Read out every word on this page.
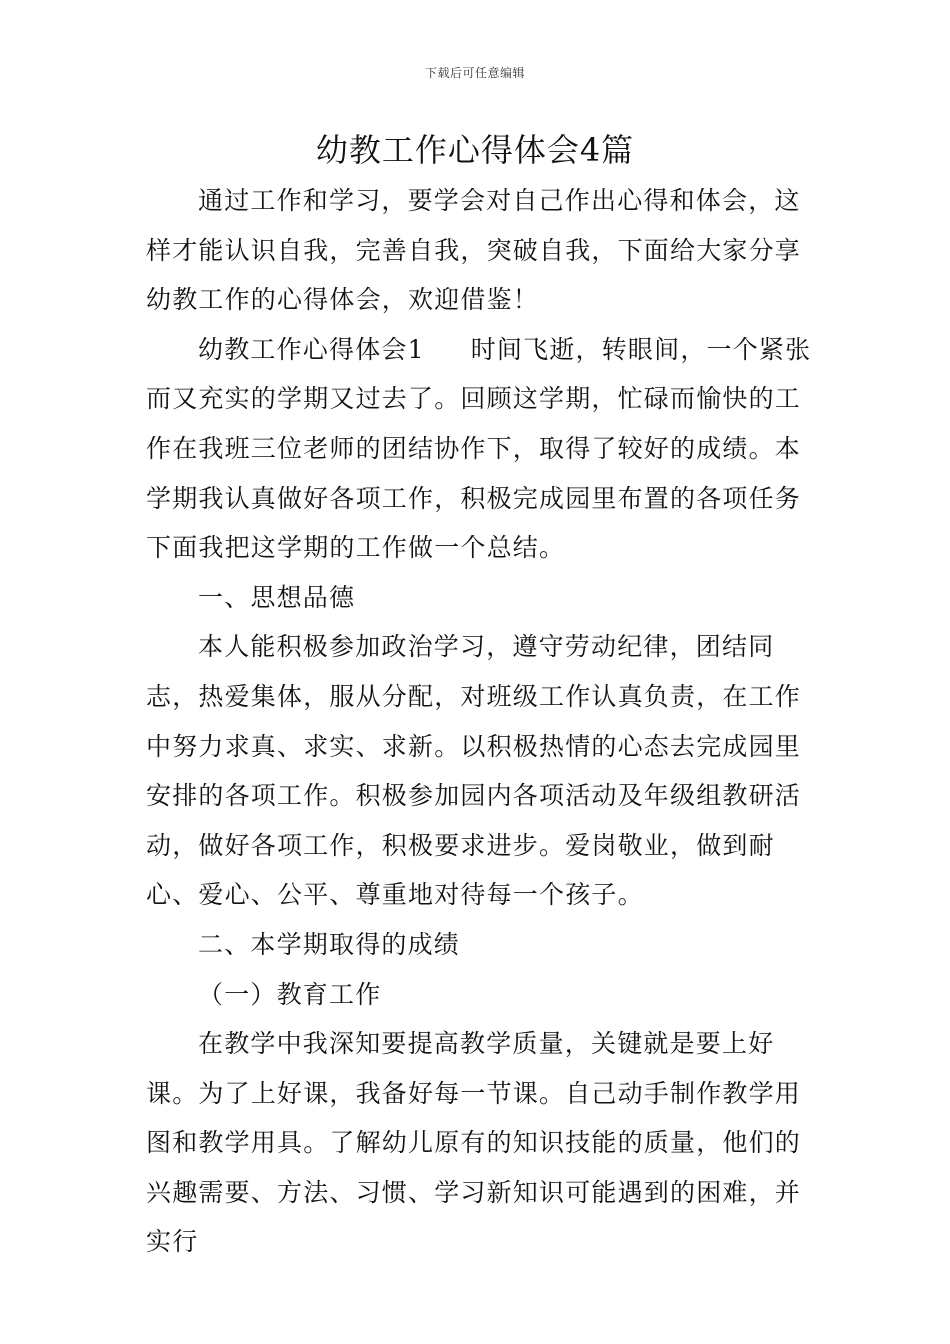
下载后可任意编辑
幼教工作心得体会4篇

通过工作和学习，要学会对自己作出心得和体会，这样才能认识自我，完善自我，突破自我，下面给大家分享幼教工作的心得体会，欢迎借鉴！

幼教工作心得体会1 时间飞逝，转眼间，一个紧张而又充实的学期又过去了。回顾这学期，忙碌而愉快的工作在我班三位老师的团结协作下，取得了较好的成绩。本学期我认真做好各项工作，积极完成园里布置的各项任务下面我把这学期的工作做一个总结。

一、思想品德

本人能积极参加政治学习，遵守劳动纪律，团结同志，热爱集体，服从分配，对班级工作认真负责，在工作中努力求真、求实、求新。以积极热情的心态去完成园里安排的各项工作。积极参加园内各项活动及年级组教研活动，做好各项工作，积极要求进步。爱岗敬业，做到耐心、爱心、公平、尊重地对待每一个孩子。

二、本学期取得的成绩

（一）教育工作

在教学中我深知要提高教学质量，关键就是要上好课。为了上好课，我备好每一节课。自己动手制作教学用图和教学用具。了解幼儿原有的知识技能的质量，他们的兴趣需要、方法、习惯、学习新知识可能遇到的困难，并实行
